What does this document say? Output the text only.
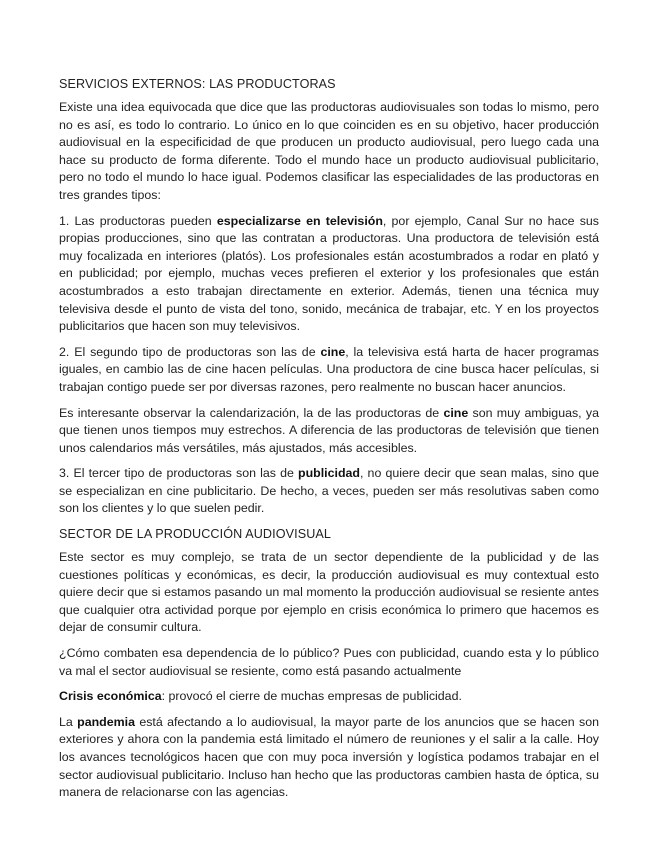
SERVICIOS EXTERNOS: LAS PRODUCTORAS

Existe una idea equivocada que dice que las productoras audiovisuales son todas lo mismo, pero no es así, es todo lo contrario. Lo único en lo que coinciden es en su objetivo, hacer producción audiovisual en la especificidad de que producen un producto audiovisual, pero luego cada una hace su producto de forma diferente. Todo el mundo hace un producto audiovisual publicitario, pero no todo el mundo lo hace igual. Podemos clasificar las especialidades de las productoras en tres grandes tipos:

1. Las productoras pueden especializarse en televisión, por ejemplo, Canal Sur no hace sus propias producciones, sino que las contratan a productoras. Una productora de televisión está muy focalizada en interiores (platós). Los profesionales están acostumbrados a rodar en plató y en publicidad; por ejemplo, muchas veces prefieren el exterior y los profesionales que están acostumbrados a esto trabajan directamente en exterior. Además, tienen una técnica muy televisiva desde el punto de vista del tono, sonido, mecánica de trabajar, etc. Y en los proyectos publicitarios que hacen son muy televisivos.

2. El segundo tipo de productoras son las de cine, la televisiva está harta de hacer programas iguales, en cambio las de cine hacen películas. Una productora de cine busca hacer películas, si trabajan contigo puede ser por diversas razones, pero realmente no buscan hacer anuncios.

Es interesante observar la calendarización, la de las productoras de cine son muy ambiguas, ya que tienen unos tiempos muy estrechos. A diferencia de las productoras de televisión que tienen unos calendarios más versátiles, más ajustados, más accesibles.

3. El tercer tipo de productoras son las de publicidad, no quiere decir que sean malas, sino que se especializan en cine publicitario. De hecho, a veces, pueden ser más resolutivas saben como son los clientes y lo que suelen pedir.

SECTOR DE LA PRODUCCIÓN AUDIOVISUAL

Este sector es muy complejo, se trata de un sector dependiente de la publicidad y de las cuestiones políticas y económicas, es decir, la producción audiovisual es muy contextual esto quiere decir que si estamos pasando un mal momento la producción audiovisual se resiente antes que cualquier otra actividad porque por ejemplo en crisis económica lo primero que hacemos es dejar de consumir cultura.

¿Cómo combaten esa dependencia de lo público? Pues con publicidad, cuando esta y lo público va mal el sector audiovisual se resiente, como está pasando actualmente

Crisis económica: provocó el cierre de muchas empresas de publicidad.

La pandemia está afectando a lo audiovisual, la mayor parte de los anuncios que se hacen son exteriores y ahora con la pandemia está limitado el número de reuniones y el salir a la calle. Hoy los avances tecnológicos hacen que con muy poca inversión y logística podamos trabajar en el sector audiovisual publicitario. Incluso han hecho que las productoras cambien hasta de óptica, su manera de relacionarse con las agencias.
